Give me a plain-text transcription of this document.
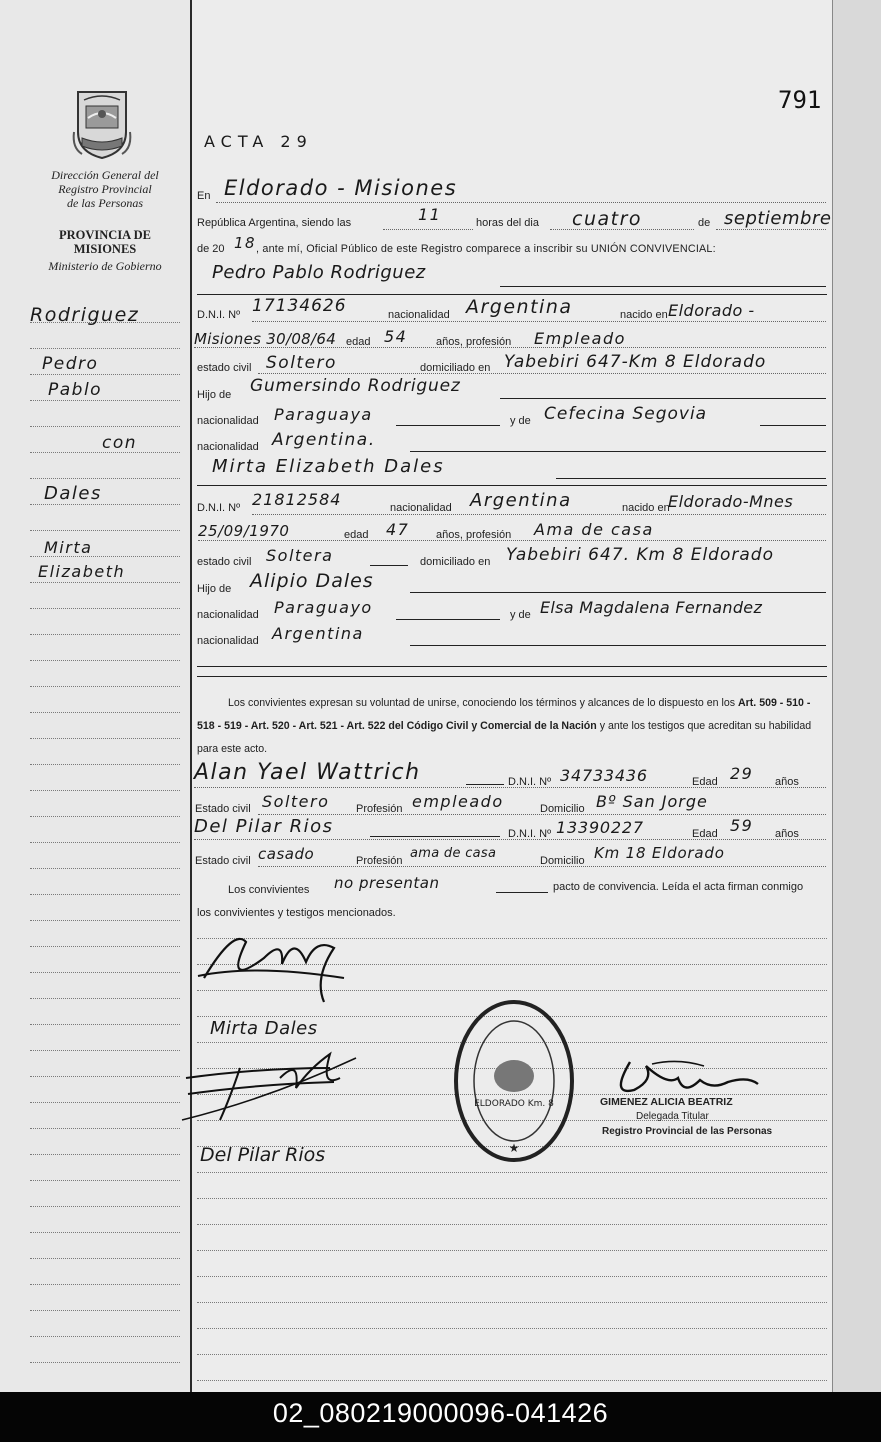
Dirección General del
Registro Provincial
de las Personas
PROVINCIA DE
MISIONES
Ministerio de Gobierno
Rodriguez
Pedro
Pablo
con
Dales
Mirta
Elizabeth
791
ACTA 29
En Eldorado - Misiones
República Argentina, siendo las	11	horas del dia cuatro	de septiembre
de 20 18 , ante mí, Oficial Público de este Registro comparece a inscribir su UNIÓN CONVIVENCIAL:
Pedro Pablo Rodriguez
D.N.I. Nº 17134626	nacionalidad Argentina	nacido en Eldorado -
Misiones 30/08/64 edad 54	años, profesión Empleado
estado civil Soltero	domiciliado en Yabebiri 647-Km 8 Eldorado
Hijo de Gumersindo Rodriguez
nacionalidad Paraguaya	y de Cefecina Segovia
nacionalidad Argentina.
Mirta Elizabeth Dales
D.N.I. Nº 21812584	nacionalidad Argentina	nacido en
Eldorado-Mnes
25/09/1970	edad 47 años, profesión Ama de casa
estado civil Soltera	domiciliado en Yabebiri 647. Km 8 Eldorado
Hijo de Alipio Dales
nacionalidad Paraguayo	y de Elsa Magdalena Fernandez
nacionalidad Argentina
Los convivientes expresan su voluntad de unirse, conociendo los términos y alcances de lo dispuesto en los Art. 509 - 510 - 518 - 519 - Art. 520 - Art. 521 - Art. 522 del Código Civil y Comercial de la Nación y ante los testigos que acreditan su habilidad para este acto.
Alan Yael Wattrich	D.N.I. Nº 34733436	Edad 29 años
Estado civil Soltero Profesión empleado	Domicilio Bº San Jorge
Del Pilar Rios	D.N.I. Nº 13390227	Edad 59 años
Estado civil casado	Profesión ama de casa	Domicilio Km 18 Eldorado
Los convivientes no presentan	pacto de convivencia. Leída el acta firman conmigo
los convivientes y testigos mencionados.
Mirta Dales
Del Pilar Rios
ELDORADO Km. 8
★
GIMENEZ ALICIA BEATRIZ
Delegada Titular
Registro Provincial de las Personas
02_080219000096-041426
